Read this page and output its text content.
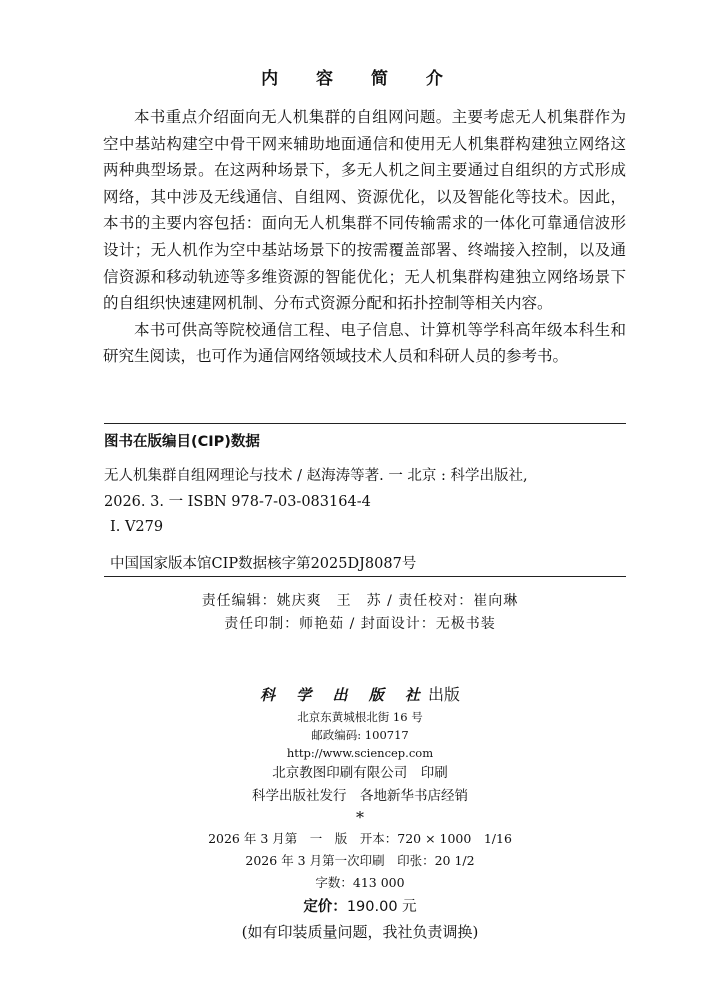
内 容 简 介

本书重点介绍面向无人机集群的自组网问题。主要考虑无人机集群作为空中基站构建空中骨干网来辅助地面通信和使用无人机集群构建独立网络这两种典型场景。在这两种场景下，多无人机之间主要通过自组织的方式形成网络，其中涉及无线通信、自组网、资源优化，以及智能化等技术。因此，本书的主要内容包括：面向无人机集群不同传输需求的一体化可靠通信波形设计；无人机作为空中基站场景下的按需覆盖部署、终端接入控制，以及通信资源和移动轨迹等多维资源的智能优化；无人机集群构建独立网络场景下的自组织快速建网机制、分布式资源分配和拓扑控制等相关内容。

本书可供高等院校通信工程、电子信息、计算机等学科高年级本科生和研究生阅读，也可作为通信网络领域技术人员和科研人员的参考书。

图书在版编目(CIP)数据
无人机集群自组网理论与技术 / 赵海涛等著. 一 北京 : 科学出版社,
2026. 3. 一 ISBN 978-7-03-083164-4
Ⅰ. V279
中国国家版本馆CIP数据核字第2025DJ8087号
责任编辑：姚庆爽　王　苏 / 责任校对：崔向琳
责任印制：师艳茹 / 封面设计：无极书装
科 学 出 版 社出版
北京东黄城根北街 16 号
邮政编码: 100717
http://www.sciencep.com
北京教图印刷有限公司　印刷
科学出版社发行　各地新华书店经销
*
2026 年 3 月第　一　版　开本：720 × 1000　1/16
2026 年 3 月第一次印刷　印张：20 1/2
字数：413 000
定价：190.00 元
(如有印装质量问题，我社负责调换)
